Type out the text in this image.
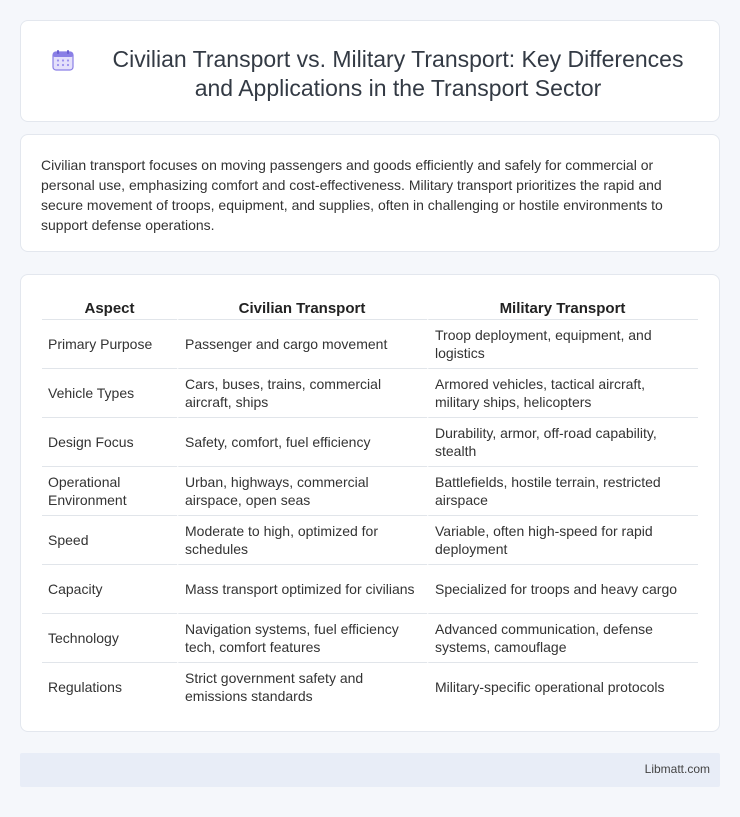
Civilian Transport vs. Military Transport: Key Differences and Applications in the Transport Sector

Civilian transport focuses on moving passengers and goods efficiently and safely for commercial or personal use, emphasizing comfort and cost-effectiveness. Military transport prioritizes the rapid and secure movement of troops, equipment, and supplies, often in challenging or hostile environments to support defense operations.

Aspect	Civilian Transport	Military Transport
Primary Purpose	Passenger and cargo movement	Troop deployment, equipment, and logistics
Vehicle Types	Cars, buses, trains, commercial aircraft, ships	Armored vehicles, tactical aircraft, military ships, helicopters
Design Focus	Safety, comfort, fuel efficiency	Durability, armor, off-road capability, stealth
Operational Environment	Urban, highways, commercial airspace, open seas	Battlefields, hostile terrain, restricted airspace
Speed	Moderate to high, optimized for schedules	Variable, often high-speed for rapid deployment
Capacity	Mass transport optimized for civilians	Specialized for troops and heavy cargo
Technology	Navigation systems, fuel efficiency tech, comfort features	Advanced communication, defense systems, camouflage
Regulations	Strict government safety and emissions standards	Military-specific operational protocols
Libmatt.com
